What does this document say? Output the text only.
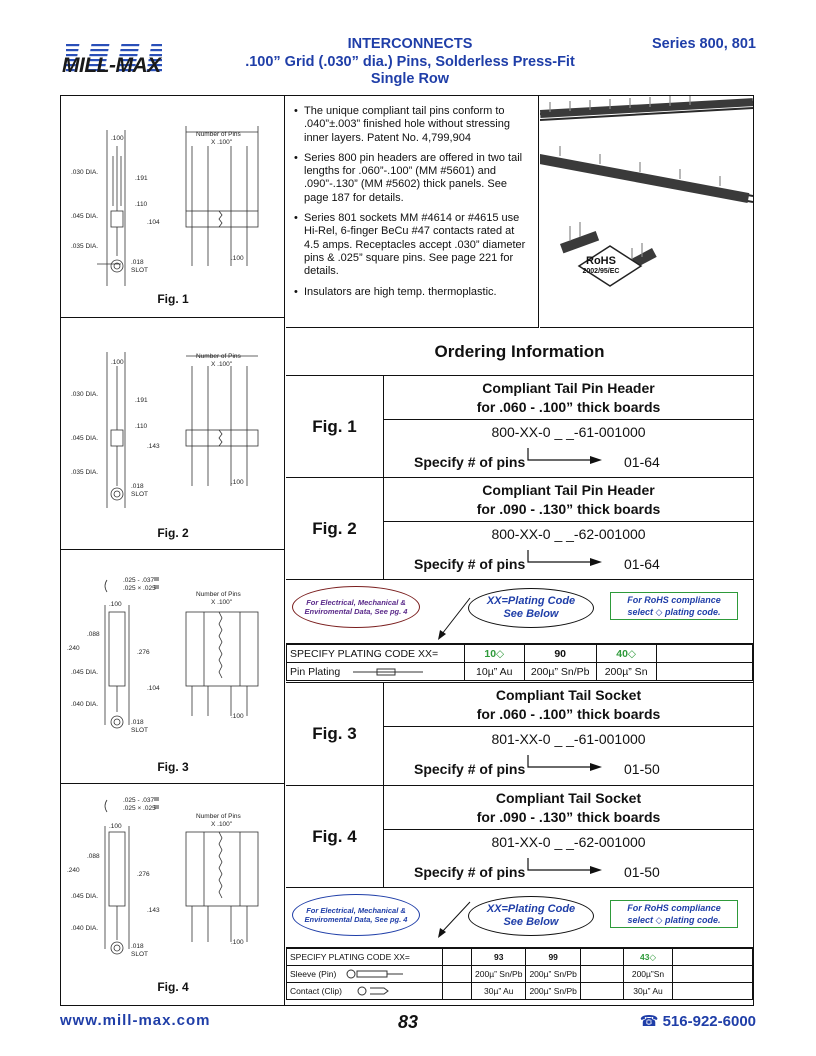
MILL-MAX
INTERCONNECTS
.100” Grid (.030” dia.) Pins, Solderless Press-Fit
Single Row
Series 800, 801
.100
Number of Pins
X .100"
.030 DIA.
.191
.110
.045 DIA.
.104
.035 DIA.
.018
SLOT
.100
Fig. 1
.100
Number of Pins
X .100"
.030 DIA.
.191
.110
.045 DIA.
.143
.035 DIA.
.018
SLOT
.100
Fig. 2
.025 - .037
.025 × .025
.100
Number of Pins
X .100"
.088
.240
.276
.045 DIA.
.104
.040 DIA.
.018
SLOT
.100
Fig. 3
.025 - .037
.025 × .025
.100
Number of Pins
X .100"
.088
.240
.276
.045 DIA.
.143
.040 DIA.
.018
SLOT
.100
Fig. 4
• The unique compliant tail pins conform to .040”±.003” finished hole without stressing inner layers. Patent No. 4,799,904
• Series 800 pin headers are offered in two tail lengths for .060”-.100” (MM #5601) and .090”-.130” (MM #5602) thick panels. See page 187 for details.
• Series 801 sockets MM #4614 or #4615 use Hi-Rel, 6-finger BeCu #47 contacts rated at 4.5 amps. Receptacles accept .030” diameter pins & .025” square pins. See page 221 for details.
• Insulators are high temp. thermoplastic.
RoHS
2002/95/EC
Ordering Information
Fig. 1
Compliant Tail Pin Header
for .060 - .100” thick boards
800-XX-0 _ _-61-001000
Specify # of pins	01-64
Fig. 2
Compliant Tail Pin Header
for .090 - .130” thick boards
800-XX-0 _ _-62-001000
Specify # of pins	01-64
For Electrical, Mechanical & Enviromental Data, See pg. 4
XX=Plating Code
See Below
For RoHS compliance
select ◇ plating code.
SPECIFY PLATING CODE XX=	10◇	90	40◇	
Pin Plating	10µ” Au	200µ” Sn/Pb	200µ” Sn	
Fig. 3
Compliant Tail Socket
for .060 - .100” thick boards
801-XX-0 _ _-61-001000
Specify # of pins	01-50
Fig. 4
Compliant Tail Socket
for .090 - .130” thick boards
801-XX-0 _ _-62-001000
Specify # of pins	01-50
For Electrical, Mechanical & Enviromental Data, See pg. 4
XX=Plating Code
See Below
For RoHS compliance
select ◇ plating code.
SPECIFY PLATING CODE XX=		93	99		43◇	
Sleeve (Pin)		200µ” Sn/Pb	200µ” Sn/Pb		200µ”Sn	
Contact (Clip)		30µ” Au	200µ” Sn/Pb		30µ” Au	
www.mill-max.com	83	☎ 516-922-6000
